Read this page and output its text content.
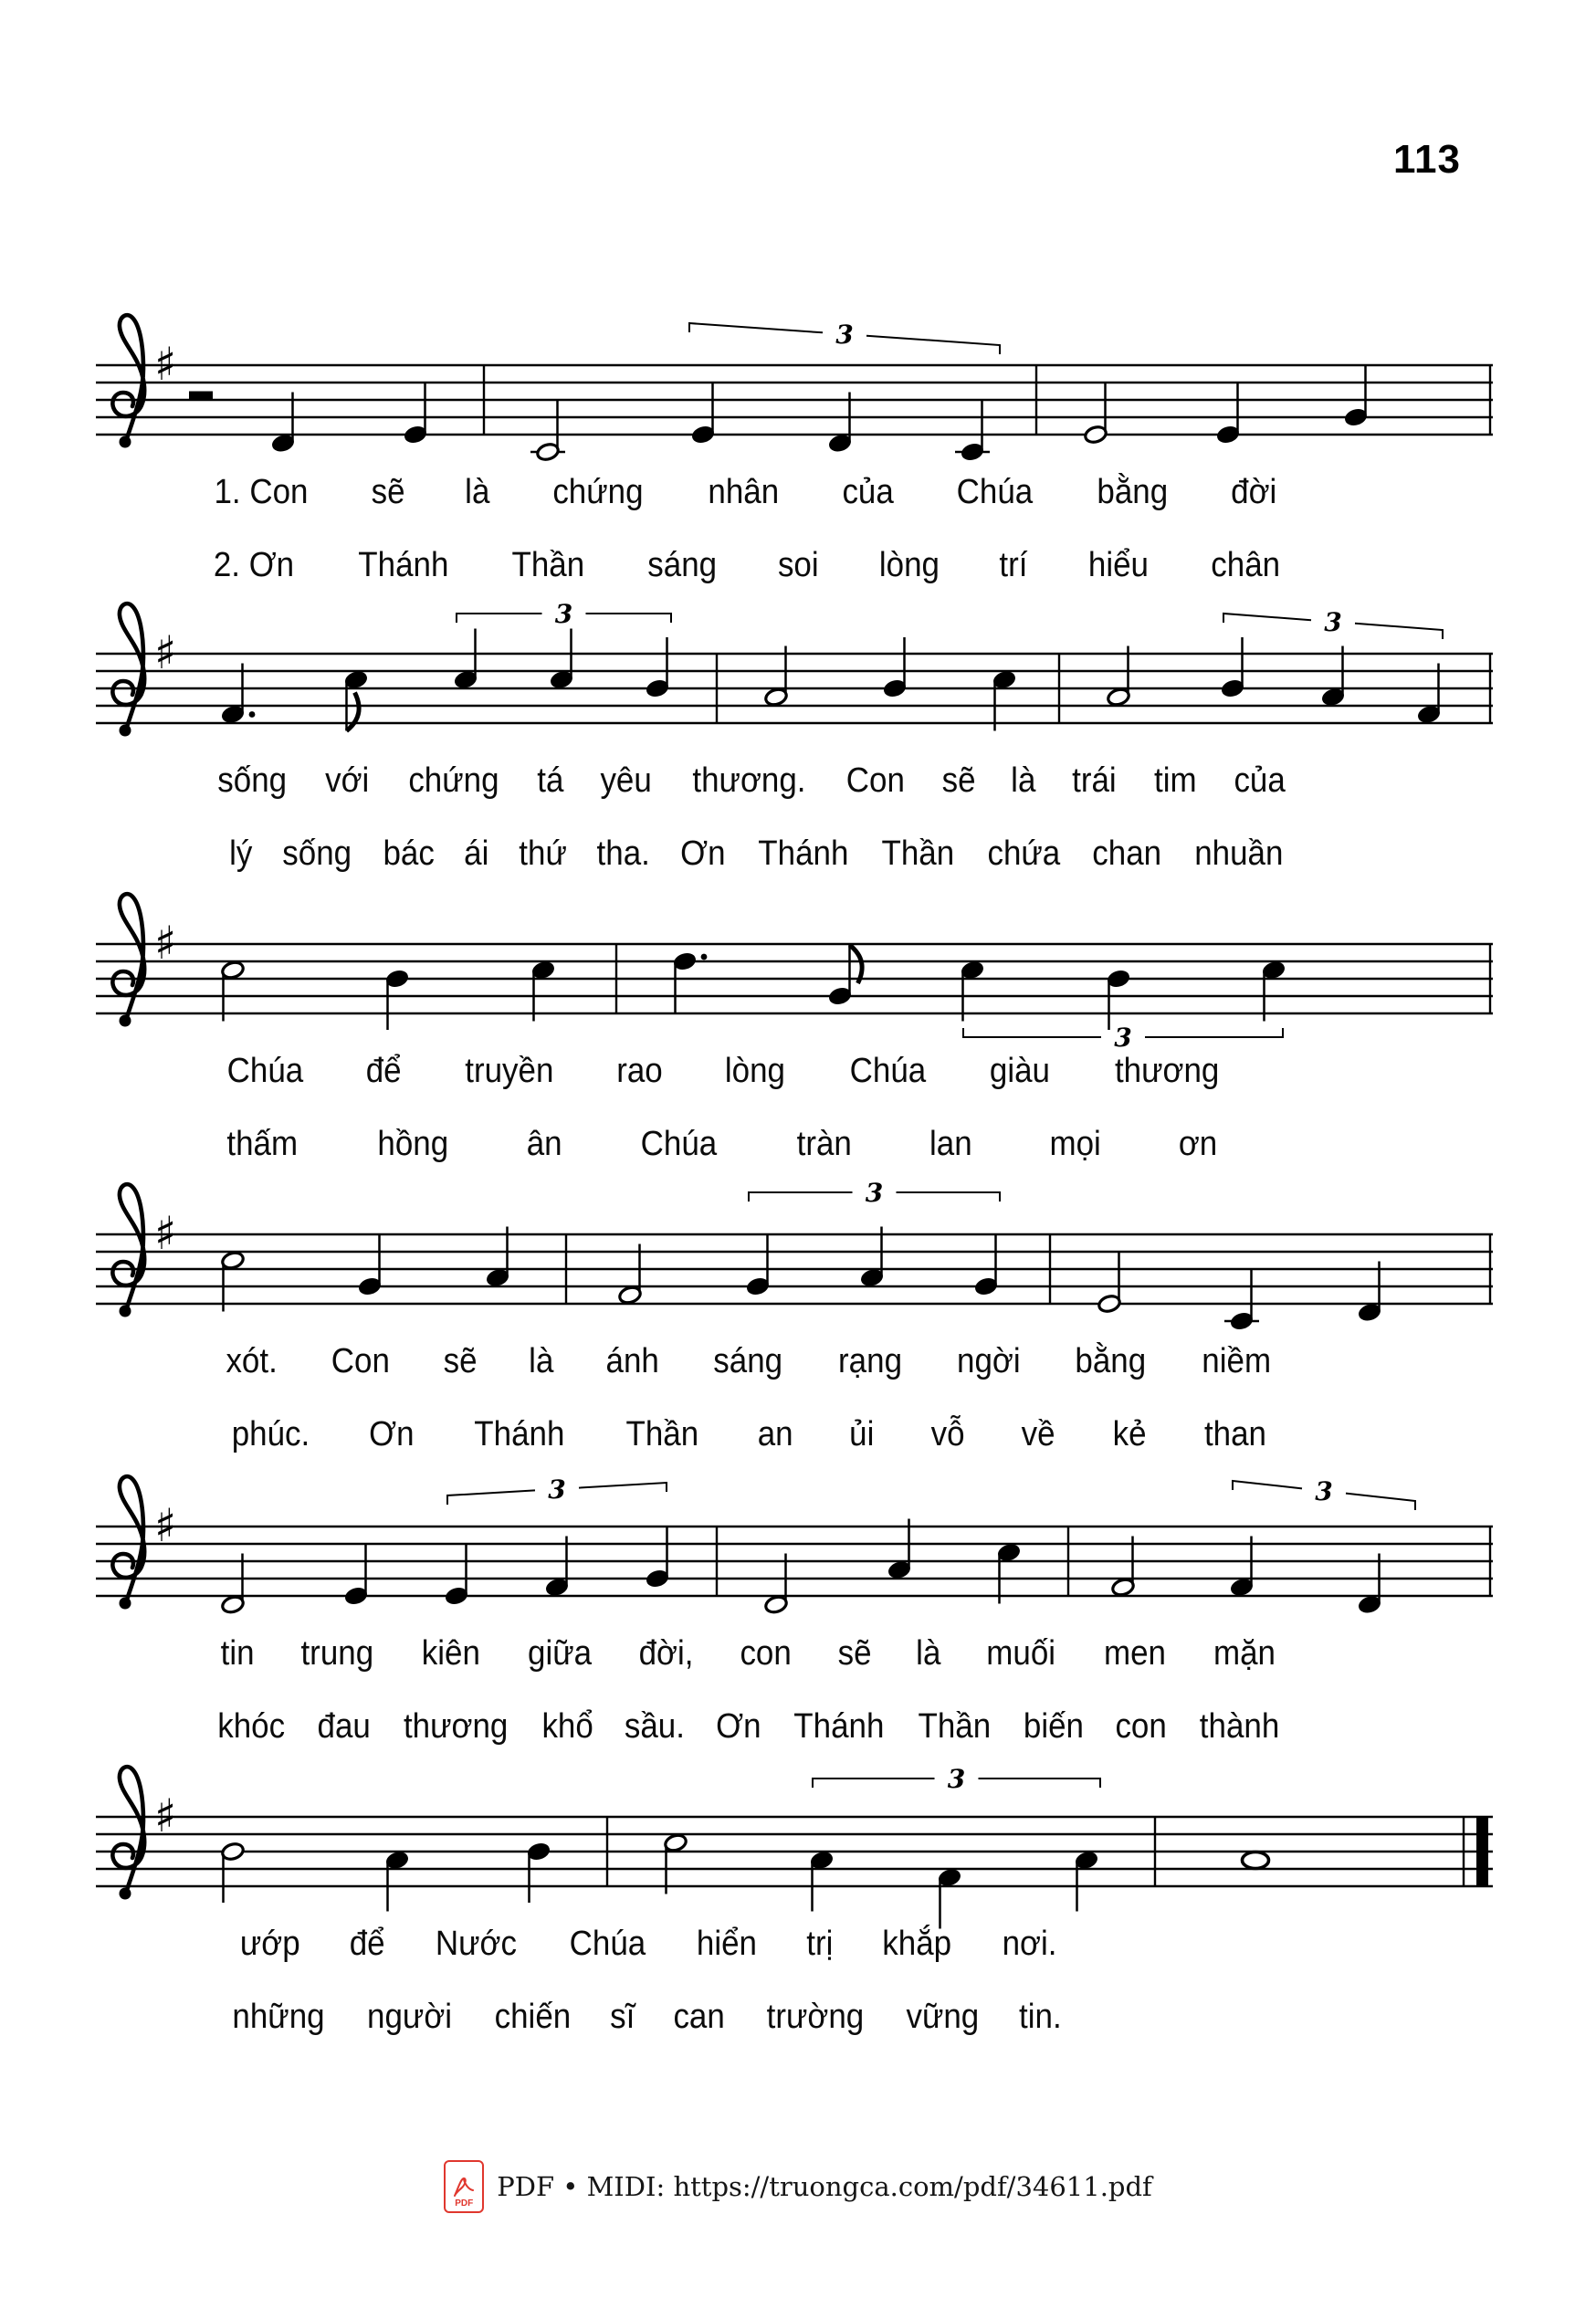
113
♯
3
1. Con sẽ là chứng nhân của Chúa bằng đời
2. Ơn Thánh Thần sáng soi lòng trí hiểu chân
♯
3	3
sống với chứng tá yêu thương. Con sẽ là trái tim của
lý sống bác ái thứ tha. Ơn Thánh Thần chứa chan nhuần
♯
3
Chúa để truyền rao lòng Chúa giàu thương
thấm hồng ân Chúa tràn lan mọi ơn
♯
3
xót. Con sẽ là ánh sáng rạng ngời bằng niềm
phúc. Ơn Thánh Thần an ủi vỗ về kẻ than
♯
3	3
tin trung kiên giữa đời, con sẽ là muối men mặn
khóc đau thương khổ sầu. Ơn Thánh Thần biến con thành
♯
3
ướp để Nước Chúa hiển trị khắp nơi.
những người chiến sĩ can trường vững tin.
PDF
PDF • MIDI: https://truongca.com/pdf/34611.pdf
